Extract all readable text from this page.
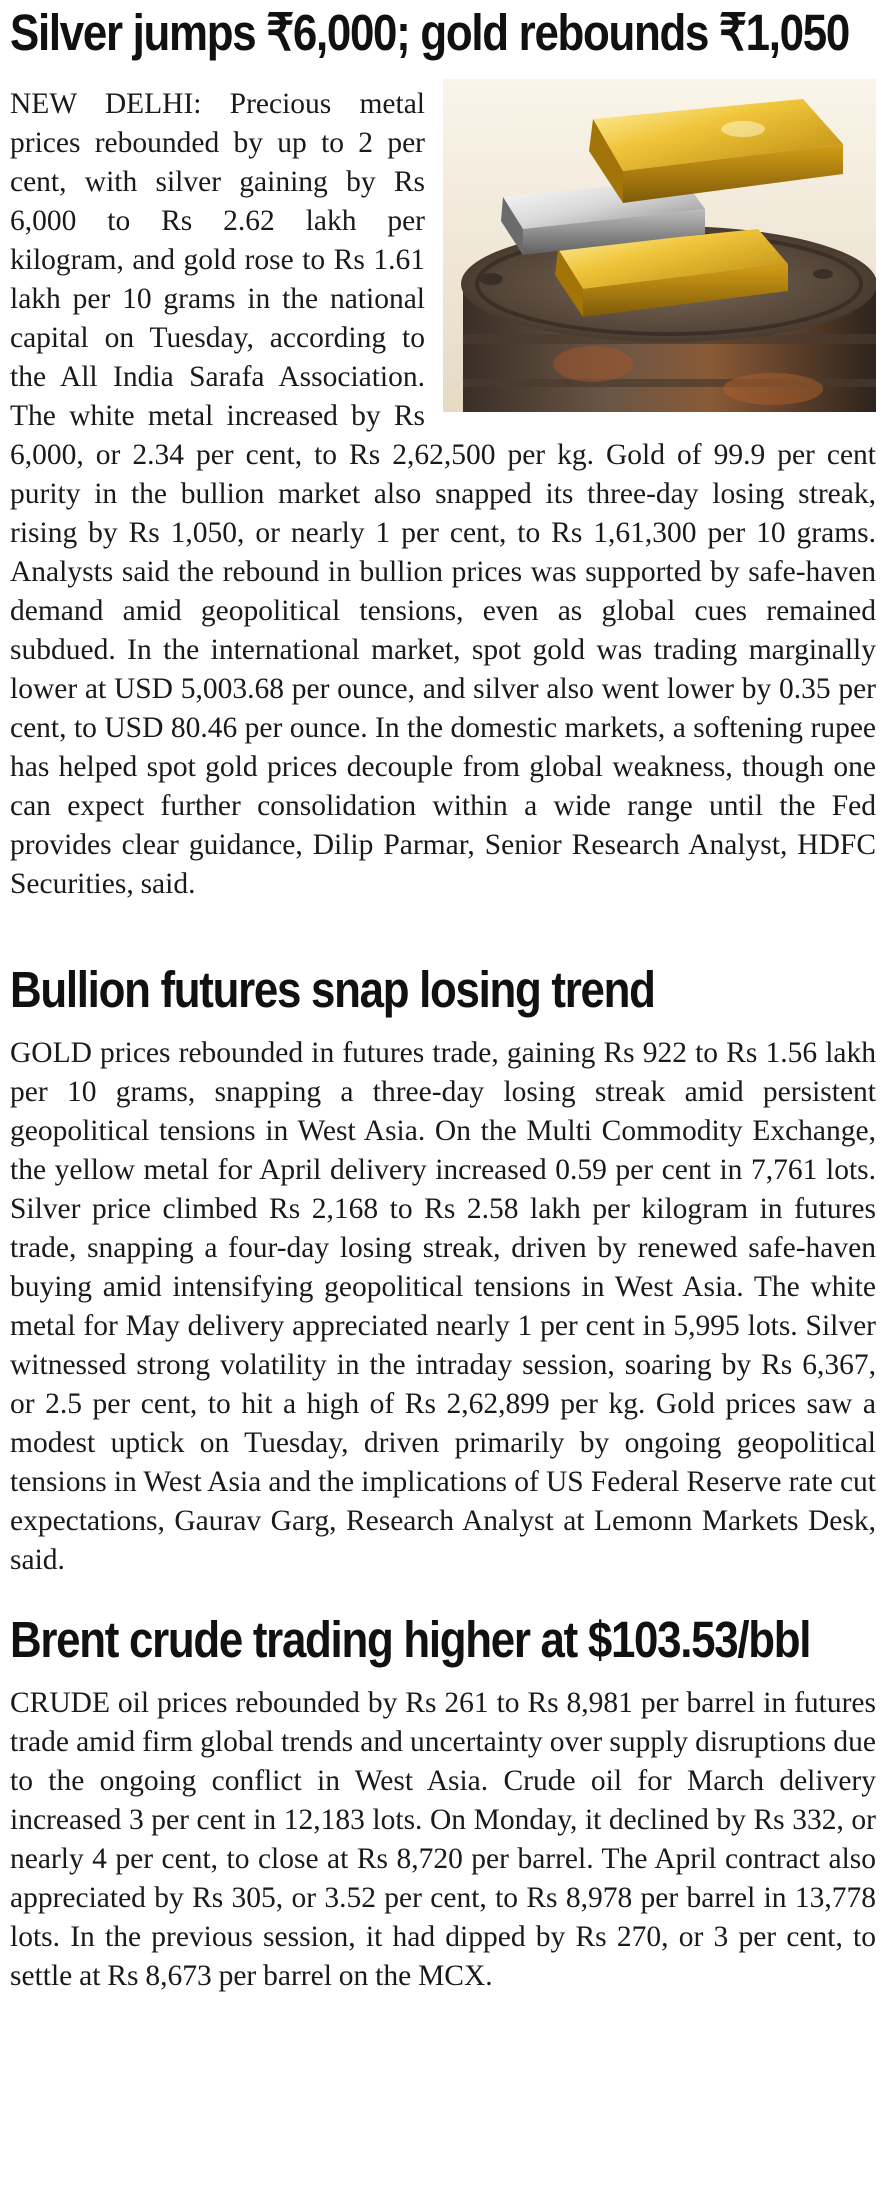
Silver jumps ₹6,000; gold rebounds ₹1,050

NEW DELHI: Precious metal prices rebounded by up to 2 per cent, with silver gaining by Rs 6,000 to Rs 2.62 lakh per kilogram, and gold rose to Rs 1.61 lakh per 10 grams in the national capital on Tuesday, according to the All India Sarafa Association. The white metal increased by Rs 6,000, or 2.34 per cent, to Rs 2,62,500 per kg. Gold of 99.9 per cent purity in the bullion market also snapped its three-day losing streak, rising by Rs 1,050, or nearly 1 per cent, to Rs 1,61,300 per 10 grams. Analysts said the rebound in bullion prices was supported by safe-haven demand amid geopolitical tensions, even as global cues remained subdued. In the international market, spot gold was trading marginally lower at USD 5,003.68 per ounce, and silver also went lower by 0.35 per cent, to USD 80.46 per ounce. In the domestic markets, a softening rupee has helped spot gold prices decouple from global weakness, though one can expect further consolidation within a wide range until the Fed provides clear guidance, Dilip Parmar, Senior Research Analyst, HDFC Securities, said.

Bullion futures snap losing trend

GOLD prices rebounded in futures trade, gaining Rs 922 to Rs 1.56 lakh per 10 grams, snapping a three-day losing streak amid persistent geopolitical tensions in West Asia. On the Multi Commodity Exchange, the yellow metal for April delivery increased 0.59 per cent in 7,761 lots. Silver price climbed Rs 2,168 to Rs 2.58 lakh per kilogram in futures trade, snapping a four-day losing streak, driven by renewed safe-haven buying amid intensifying geopolitical tensions in West Asia. The white metal for May delivery appreciated nearly 1 per cent in 5,995 lots. Silver witnessed strong volatility in the intraday session, soaring by Rs 6,367, or 2.5 per cent, to hit a high of Rs 2,62,899 per kg. Gold prices saw a modest uptick on Tuesday, driven primarily by ongoing geopolitical tensions in West Asia and the implications of US Federal Reserve rate cut expectations, Gaurav Garg, Research Analyst at Lemonn Markets Desk, said.

Brent crude trading higher at $103.53/bbl

CRUDE oil prices rebounded by Rs 261 to Rs 8,981 per barrel in futures trade amid firm global trends and uncertainty over supply disruptions due to the ongoing conflict in West Asia. Crude oil for March delivery increased 3 per cent in 12,183 lots. On Monday, it declined by Rs 332, or nearly 4 per cent, to close at Rs 8,720 per barrel. The April contract also appreciated by Rs 305, or 3.52 per cent, to Rs 8,978 per barrel in 13,778 lots. In the previous session, it had dipped by Rs 270, or 3 per cent, to settle at Rs 8,673 per barrel on the MCX.
